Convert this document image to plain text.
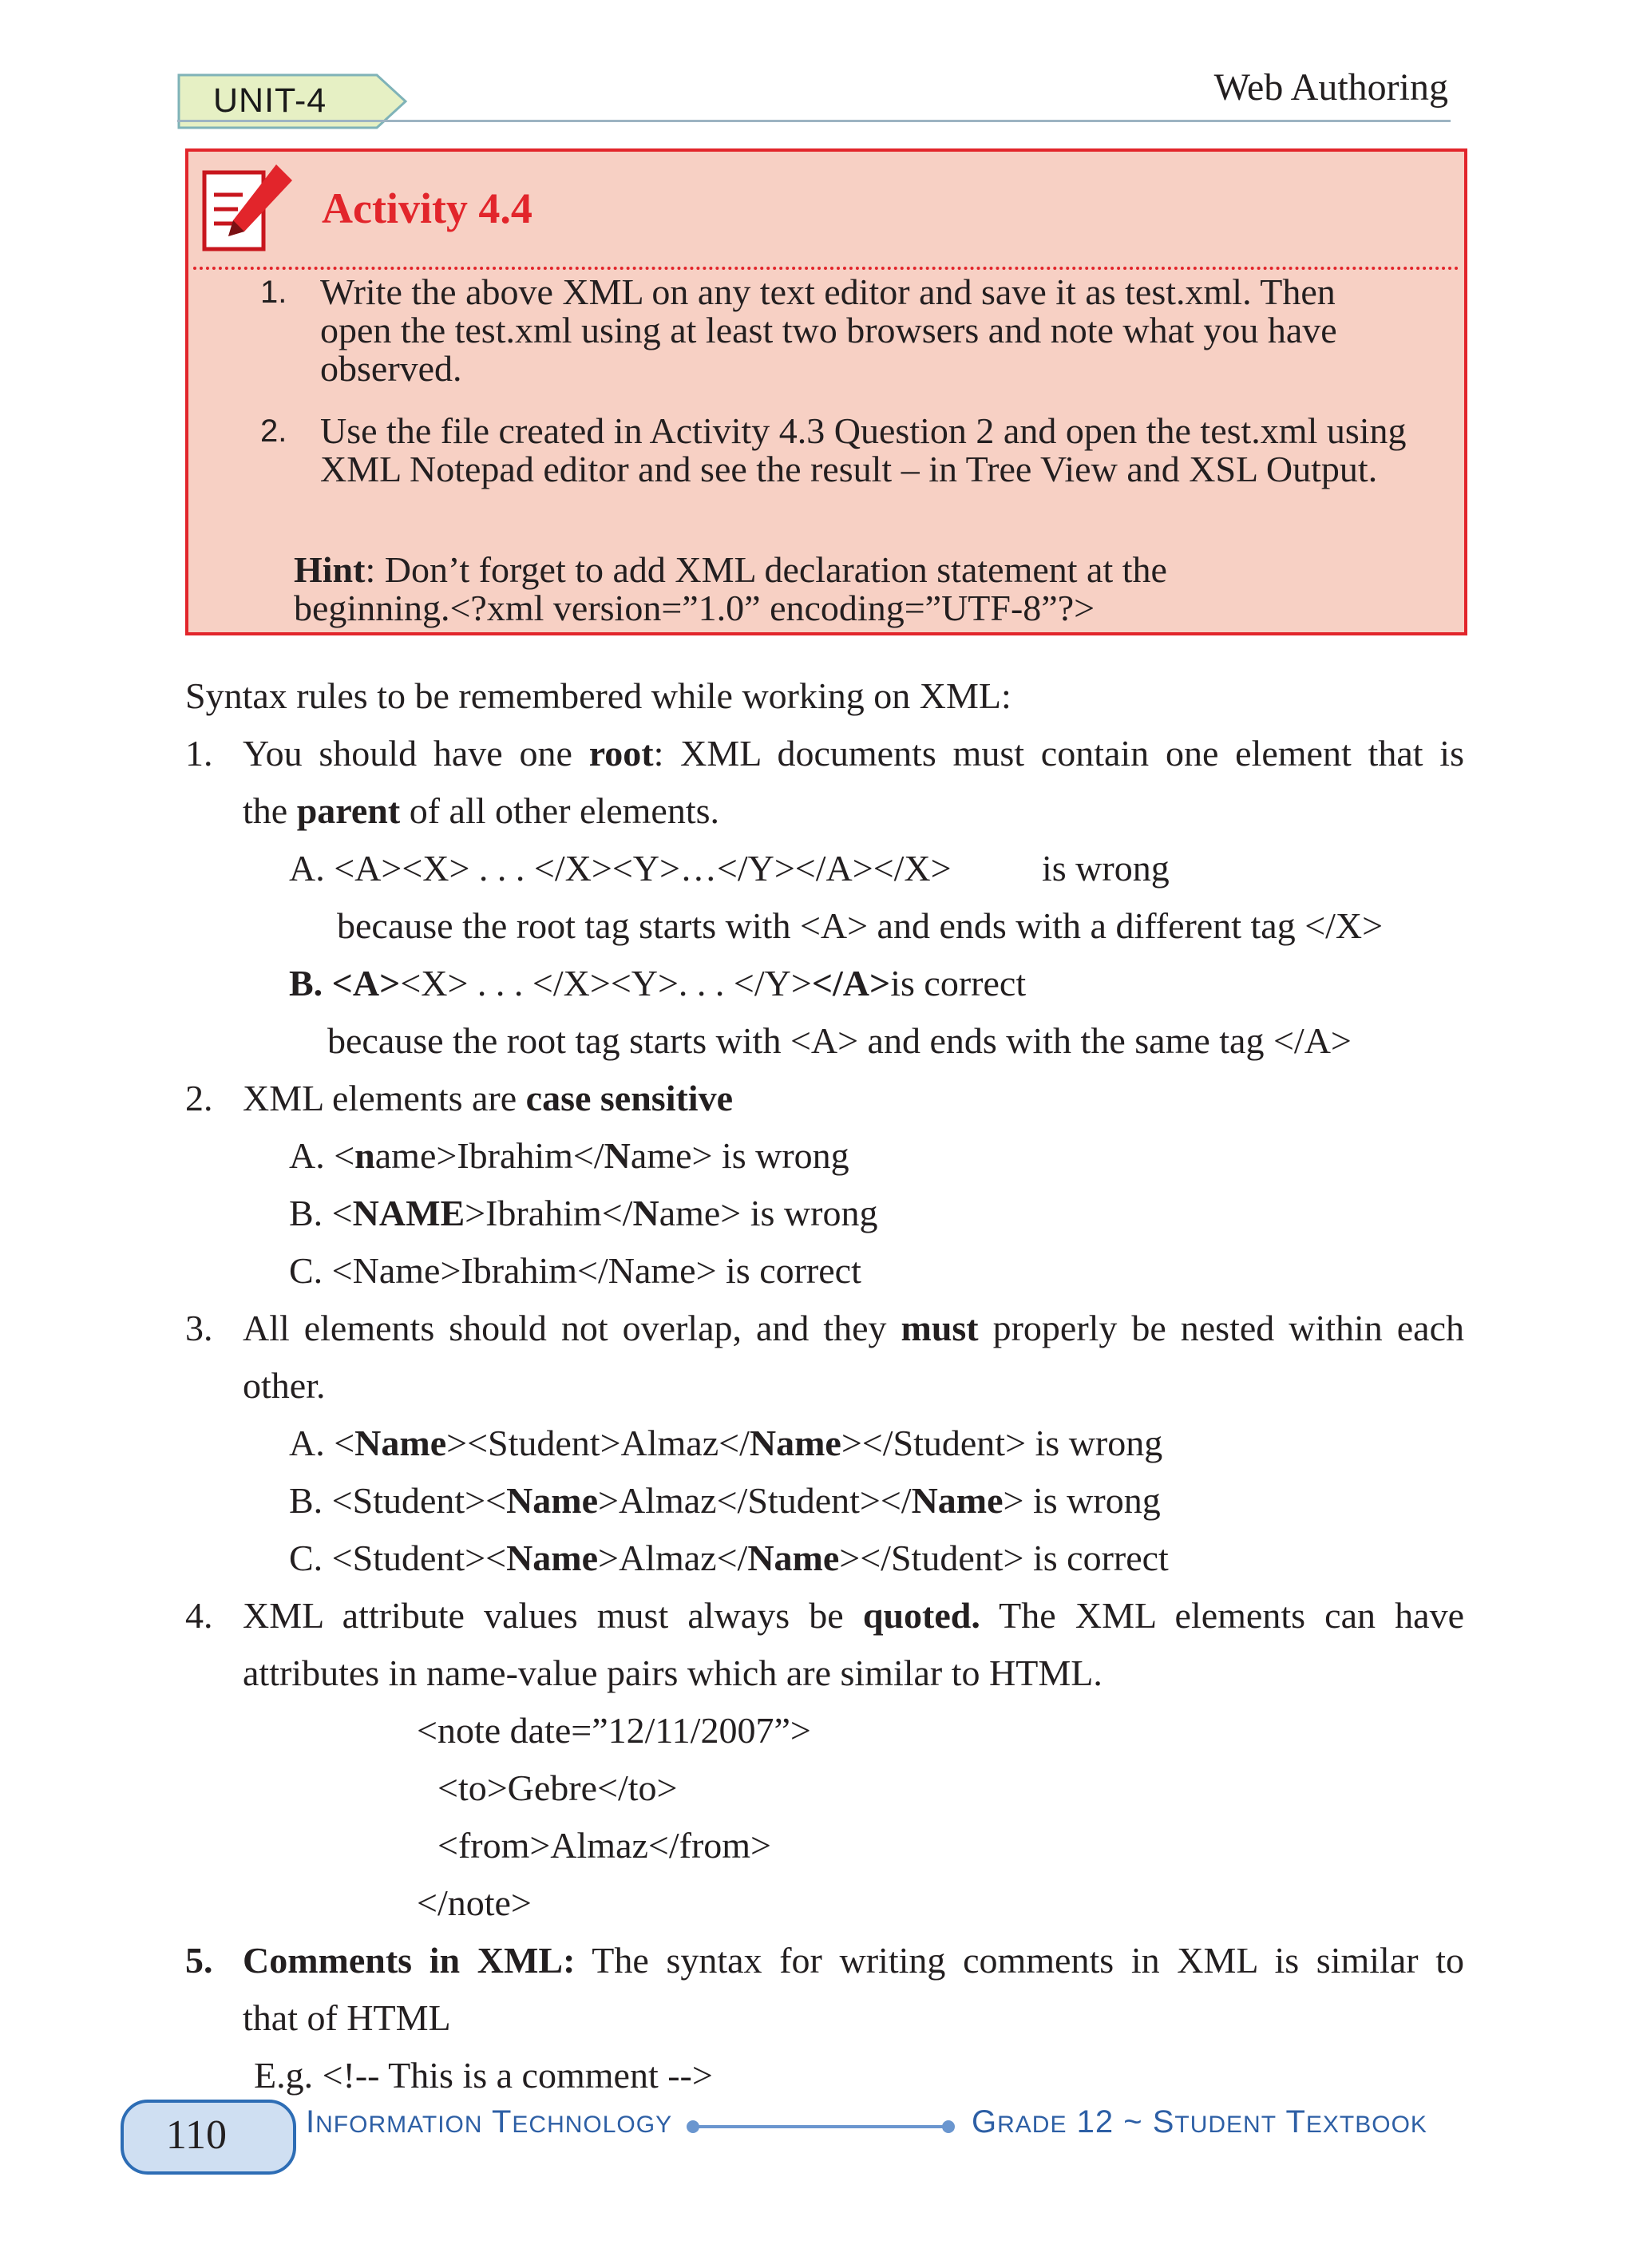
UNIT-4	Web Authoring
Activity 4.4
1. Write the above XML on any text editor and save it as test.xml. Then open the test.xml using at least two browsers and note what you have observed.
2. Use the file created in Activity 4.3 Question 2 and open the test.xml using XML Notepad editor and see the result – in Tree View and XSL Output.
Hint: Don’t forget to add XML declaration statement at the
beginning.<?xml version=”1.0” encoding=”UTF-8”?>
Syntax rules to be remembered while working on XML:
1. You should have one root: XML documents must contain one element that is
the parent of all other elements.
A. <A><X> . . . </X><Y>…</Y></A></X> is wrong
because the root tag starts with <A> and ends with a different tag </X>
B. <A><X> . . . </X><Y>. . . </Y></A>is correct
because the root tag starts with <A> and ends with the same tag </A>
2. XML elements are case sensitive
A. <name>Ibrahim</Name> is wrong
B. <NAME>Ibrahim</Name> is wrong
C. <Name>Ibrahim</Name> is correct
3. All elements should not overlap, and they must properly be nested within each
other.
A. <Name><Student>Almaz</Name></Student> is wrong
B. <Student><Name>Almaz</Student></Name> is wrong
C. <Student><Name>Almaz</Name></Student> is correct
4. XML attribute values must always be quoted. The XML elements can have
attributes in name-value pairs which are similar to HTML.
<note date=”12/11/2007”>
<to>Gebre</to>
<from>Almaz</from>
</note>
5. Comments in XML: The syntax for writing comments in XML is similar to
that of HTML
E.g. <!-- This is a comment -->
110 INFORMATION TECHNOLOGY	GRADE 12 ~ STUDENT TEXTBOOK
